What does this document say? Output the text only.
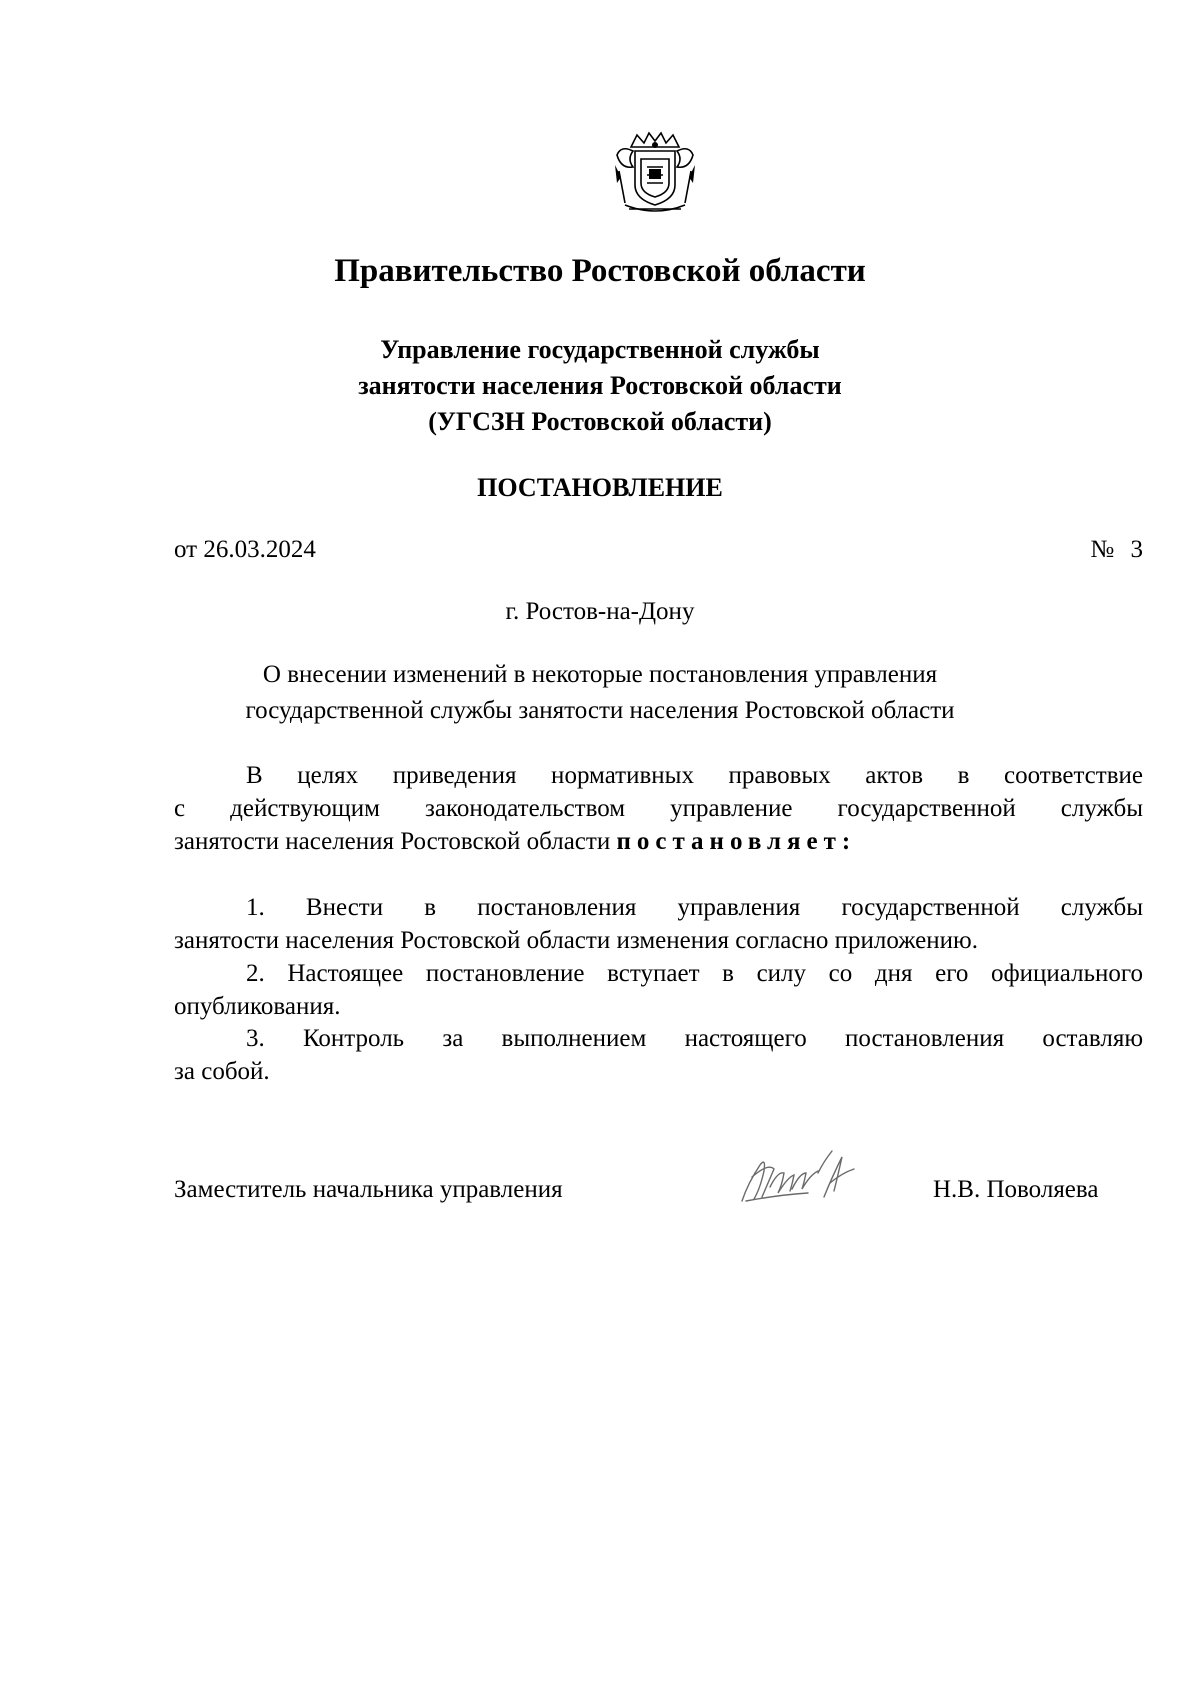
Правительство Ростовской области
Управление государственной службы
занятости населения Ростовской области
(УГСЗН Ростовской области)
ПОСТАНОВЛЕНИЕ
от 26.03.2024	№ 3
г. Ростов-на-Дону
О внесении изменений в некоторые постановления управления
государственной службы занятости населения Ростовской области
В целях приведения нормативных правовых актов в соответствие
с действующим законодательством управление государственной службы
занятости населения Ростовской области постановляет:
1. Внести в постановления управления государственной службы
занятости населения Ростовской области изменения согласно приложению.
2. Настоящее постановление вступает в силу со дня его официального
опубликования.
3. Контроль за выполнением настоящего постановления оставляю
за собой.
Заместитель начальника управления	Н.В. Поволяева
